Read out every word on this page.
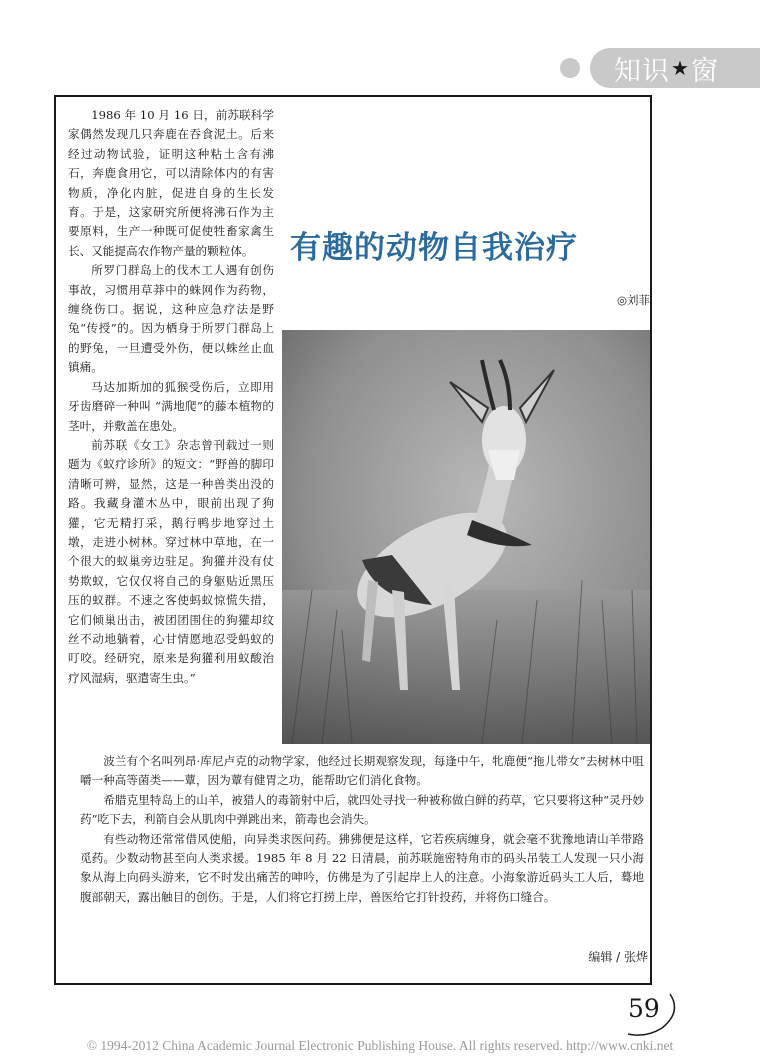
知识 ★ 窗

1986 年 10 月 16 日，前苏联科学家偶然发现几只奔鹿在吞食泥土。后来经过动物试验，证明这种粘土含有沸石，奔鹿食用它，可以清除体内的有害物质，净化内脏，促进自身的生长发育。于是，这家研究所便将沸石作为主要原料，生产一种既可促使牲畜家禽生长、又能提高农作物产量的颗粒体。

所罗门群岛上的伐木工人遇有创伤事故，习惯用草莽中的蛛网作为药物，缠绕伤口。据说，这种应急疗法是野兔“传授”的。因为栖身于所罗门群岛上的野兔，一旦遭受外伤，便以蛛丝止血镇痛。

马达加斯加的狐猴受伤后，立即用牙齿磨碎一种叫 “满地爬”的藤本植物的茎叶，并敷盖在患处。

前苏联《女工》杂志曾刊载过一则题为《蚁疗诊所》的短文：“野兽的脚印清晰可辨，显然，这是一种兽类出没的路。我藏身灌木丛中，眼前出现了狗獾，它无精打采，鹅行鸭步地穿过土墩，走进小树林。穿过林中草地，在一个很大的蚁巢旁边驻足。狗獾并没有仗势欺蚁，它仅仅将自己的身躯贴近黑压压的蚁群。不速之客使蚂蚁惊慌失措，它们倾巢出击，被团团围住的狗獾却纹丝不动地躺着，心甘情愿地忍受蚂蚁的叮咬。经研究，原来是狗獾利用蚁酸治疗风湿病，驱遣寄生虫。”

有趣的动物自我治疗
◎刘菲

波兰有个名叫列昂·库尼卢克的动物学家，他经过长期观察发现，每逢中午，牝鹿便“拖儿带女”去树林中咀嚼一种高等菌类——蕈，因为蕈有健胃之功，能帮助它们消化食物。

希腊克里特岛上的山羊，被猎人的毒箭射中后，就四处寻找一种被称做白鲜的药草，它只要将这种“灵丹妙药”吃下去，利箭自会从肌肉中弹跳出来，箭毒也会消失。

有些动物还常常借风使船，向异类求医问药。狒狒便是这样，它若疾病缠身，就会毫不犹豫地请山羊带路觅药。少数动物甚至向人类求援。1985 年 8 月 22 日清晨，前苏联施密特角市的码头吊装工人发现一只小海象从海上向码头游来，它不时发出痛苦的呻吟，仿佛是为了引起岸上人的注意。小海象游近码头工人后，蓦地腹部朝天，露出触目的创伤。于是，人们将它打捞上岸，兽医给它打针投药，并将伤口缝合。

编辑 / 张烨
59
© 1994-2012 China Academic Journal Electronic Publishing House. All rights reserved. http://www.cnki.net
